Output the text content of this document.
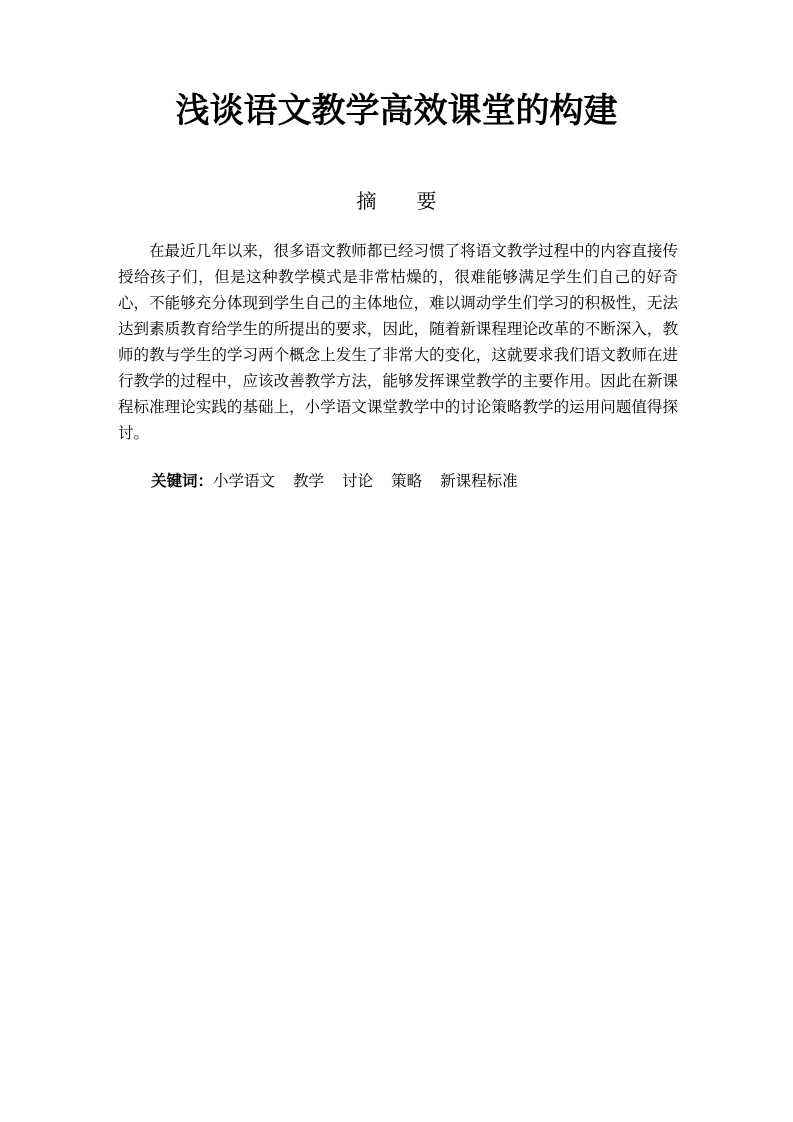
浅谈语文教学高效课堂的构建
摘　　要

在最近几年以来，很多语文教师都已经习惯了将语文教学过程中的内容直接传授给孩子们，但是这种教学模式是非常枯燥的，很难能够满足学生们自己的好奇心，不能够充分体现到学生自己的主体地位，难以调动学生们学习的积极性，无法达到素质教育给学生的所提出的要求，因此，随着新课程理论改革的不断深入，教师的教与学生的学习两个概念上发生了非常大的变化，这就要求我们语文教师在进行教学的过程中，应该改善教学方法，能够发挥课堂教学的主要作用。因此在新课程标准理论实践的基础上，小学语文课堂教学中的讨论策略教学的运用问题值得探讨。

关键词：小学语文 教学 讨论 策略 新课程标准
